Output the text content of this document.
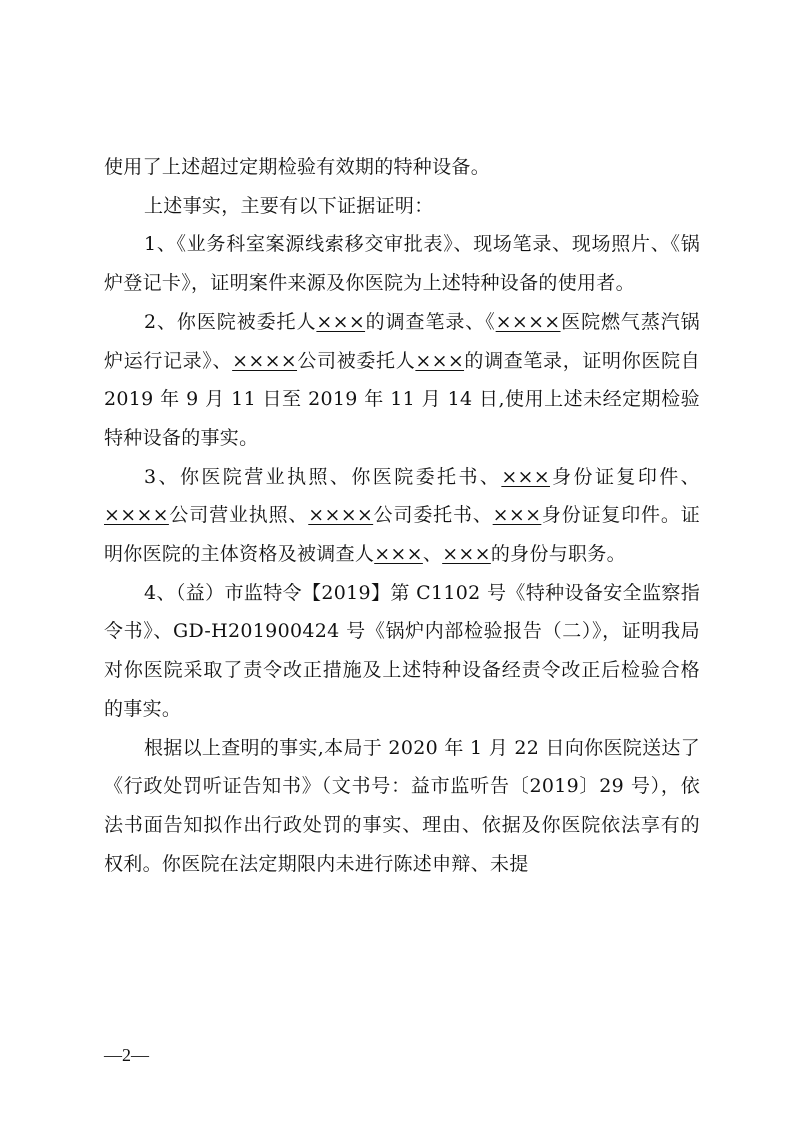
使用了上述超过定期检验有效期的特种设备。

上述事实，主要有以下证据证明：

1、《业务科室案源线索移交审批表》、现场笔录、现场照片、《锅炉登记卡》，证明案件来源及你医院为上述特种设备的使用者。

2、你医院被委托人×××的调查笔录、《××××医院燃气蒸汽锅炉运行记录》、××××公司被委托人×××的调查笔录，证明你医院自 2019 年 9 月 11 日至 2019 年 11 月 14 日,使用上述未经定期检验特种设备的事实。

3、你医院营业执照、你医院委托书、×××身份证复印件、××××公司营业执照、××××公司委托书、×××身份证复印件。证明你医院的主体资格及被调查人×××、×××的身份与职务。

4、（益）市监特令【2019】第 C1102 号《特种设备安全监察指令书》、GD-H201900424 号《锅炉内部检验报告（二）》，证明我局对你医院采取了责令改正措施及上述特种设备经责令改正后检验合格的事实。

根据以上查明的事实,本局于 2020 年 1 月 22 日向你医院送达了《行政处罚听证告知书》（文书号：益市监听告〔2019〕29 号），依法书面告知拟作出行政处罚的事实、理由、依据及你医院依法享有的权利。你医院在法定期限内未进行陈述申辩、未提

—2—
